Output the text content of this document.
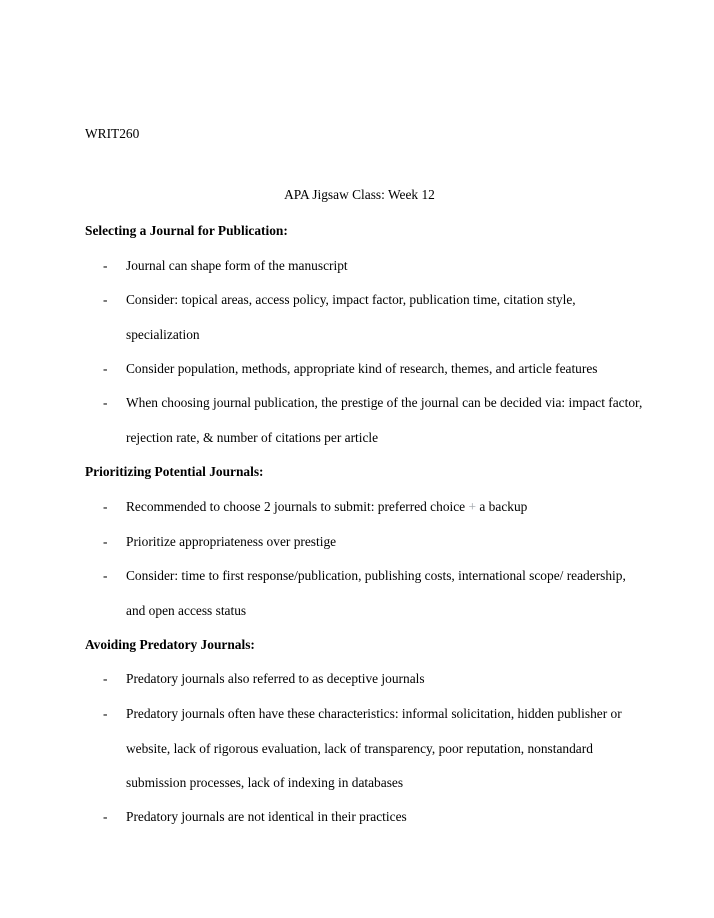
WRIT260
APA Jigsaw Class: Week 12
Selecting a Journal for Publication:
- Journal can shape form of the manuscript
- Consider: topical areas, access policy, impact factor, publication time, citation style, specialization
- Consider population, methods, appropriate kind of research, themes, and article features
- When choosing journal publication, the prestige of the journal can be decided via: impact factor, rejection rate, & number of citations per article
Prioritizing Potential Journals:
- Recommended to choose 2 journals to submit: preferred choice + a backup
- Prioritize appropriateness over prestige
- Consider: time to first response/publication, publishing costs, international scope/ readership, and open access status
Avoiding Predatory Journals:
- Predatory journals also referred to as deceptive journals
- Predatory journals often have these characteristics: informal solicitation, hidden publisher or website, lack of rigorous evaluation, lack of transparency, poor reputation, nonstandard submission processes, lack of indexing in databases
- Predatory journals are not identical in their practices
